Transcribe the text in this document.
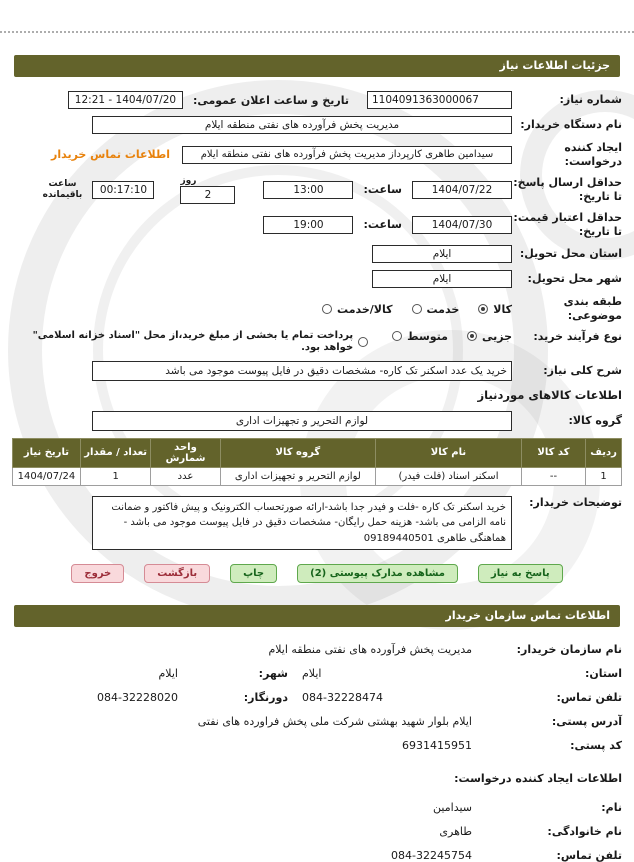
جزئیات اطلاعات نیاز
شماره نیاز:
1104091363000067
تاریخ و ساعت اعلان عمومی:
1404/07/20 - 12:21
نام دستگاه خریدار:
مدیریت پخش فرآورده های نفتی منطقه ایلام
ایجاد کننده درخواست:
سیدامین طاهری کارپرداز مدیریت پخش فرآورده های نفتی منطقه ایلام
اطلاعات تماس خریدار
حداقل ارسال پاسخ: تا تاریخ:
1404/07/22
ساعت:
13:00
روز
2
00:17:10
ساعت باقیمانده
حداقل اعتبار قیمت: تا تاریخ:
1404/07/30
ساعت:
19:00
استان محل تحویل:
ایلام
شهر محل تحویل:
ایلام
طبقه بندی موضوعی:
کالا
خدمت
کالا/خدمت
نوع فرآیند خرید:
جزیی
متوسط
پرداخت تمام یا بخشی از مبلغ خرید،از محل "اسناد خزانه اسلامی" خواهد بود.
شرح کلی نیاز:
خرید یک عدد اسکنر تک کاره- مشخصات دقیق در فایل پیوست موجود می باشد
اطلاعات کالاهای موردنیاز
گروه کالا:
لوازم التحریر و تجهیزات اداری
ردیف	کد کالا	نام کالا	گروه کالا	واحد شمارش	تعداد / مقدار	تاریخ نیاز
1	--	اسکنر اسناد (فلت فیدر)	لوازم التحریر و تجهیزات اداری	عدد	1	1404/07/24
توضیحات خریدار:
خرید اسکنر تک کاره -فلت و فیدر جدا باشد-ارائه صورتحساب الکترونیک و پیش فاکتور و ضمانت نامه الزامی می باشد- هزینه حمل رایگان- مشخصات دقیق در فایل پیوست موجود می باشد - هماهنگی طاهری 09189440501
پاسخ به نیاز
مشاهده مدارک پیوستی (2)
چاپ
بازگشت
خروج
اطلاعات تماس سازمان خریدار
نام سازمان خریدار:
مدیریت پخش فرآورده های نفتی منطقه ایلام
استان:
ایلام
شهر:
ایلام
تلفن تماس:
084-32228474
دورنگار:
084-32228020
آدرس پستی:
ایلام بلوار شهید بهشتی شرکت ملی پخش فراورده های نفتی
کد پستی:
6931415951
اطلاعات ایجاد کننده درخواست:
نام:
سیدامین
نام خانوادگی:
طاهری
تلفن تماس:
084-32245754
